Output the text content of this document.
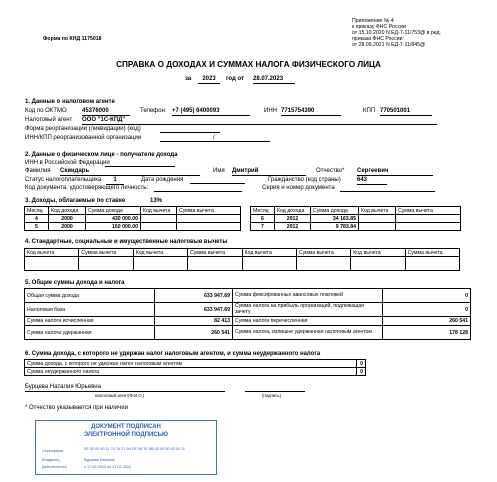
Форма по КНД 1175018
Приложение № 4
к приказу ФНС России
от 15.10.2020 N ЕД-7-11/753@ в ред.
приказа ФНС России
от 28.09.2021 N ЕД-7-11/845@
СПРАВКА О ДОХОДАХ И СУММАХ НАЛОГА ФИЗИЧЕСКОГО ЛИЦА
за	2023	год от 28.07.2023
1. Данные о налоговом агенте
Код по ОКТМО	45376000	Телефон +7 (495) 6400093	ИНН 7715754390	КПП 770501001
Налоговый агент ООО "1С-КПД"
Форма реорганизации (ликвидации) (код)
ИНН/КПП реорганизованной организации	/
2. Данные о физическом лице - получателе дохода
ИНН в Российской Федерации
Фамилия Скиндарь	Имя Дмитрий	Отчество* Сергеевич
Статус налогоплательщика	1	Дата рождения	Гражданство (код страны)	643
Код документа, удостоверяющего личность:	Серия и номер документа
3. Доходы, облагаемые по ставке	13%
Месяц	Код дохода	Сумма дохода	Код вычета	Сумма вычета		Месяц	Код дохода	Сумма дохода	Код вычета	Сумма вычета
4	2000	430 000.00				6	2012	34 163.85		
5	2000	160 000.00				7	2012	9 783.84		
4. Стандартные, социальные и имущественные налоговые вычеты
Код вычета	Сумма вычета	Код вычета	Сумма вычета	Код вычета	Сумма вычета	Код вычета	Сумма вычета

5. Общие суммы дохода и налога
Общая сумма дохода	633 947.69	Сумма фиксированных авансовых платежей	0
Налоговая база	633 947.69	Сумма налога на прибыль организаций, подлежащая зачету	0
Сумма налога исчисленная	82 413	Сумма налога перечисленная	260 541
Сумма налога удержанная	260 541	Сумма налога, излишне удержанная налоговым агентом	178 128
6. Сумма дохода, с которого не удержан налог налоговым агентом, и сумма неудержанного налога
Сумма дохода, с которого не удержан налог налоговым агентом	0
Сумма неудержанного налога	0
Бурцева Наталия Юрьевна
налоговый агент(Ф.И.О.)	(подпись)
* Отчество указывается при наличии
ДОКУМЕНТ ПОДПИСАН
ЭЛЕКТРОННОЙ ПОДПИСЬЮ
Сертификат	2E 00 00 00 11 74 76 27 5A DF 48 7E 9B 00 00 00 00 00 11
Владелец	Бурцева Наталия
Действителен	с 17.02.2023 по 17.02.2024
